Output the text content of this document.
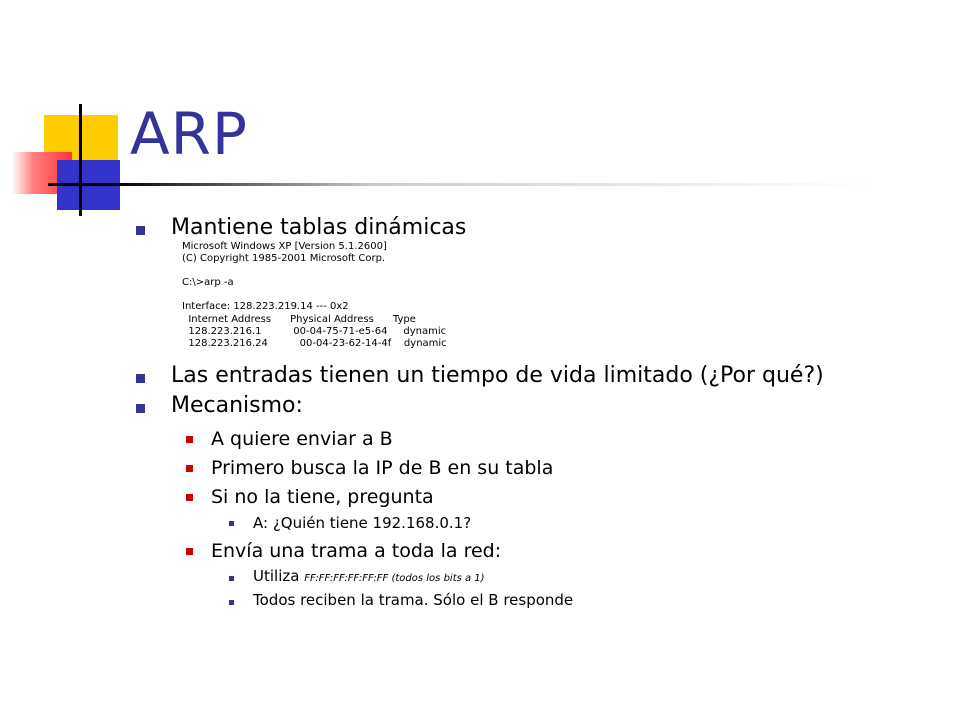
ARP
Mantiene tablas dinámicas
Microsoft Windows XP [Version 5.1.2600]
(C) Copyright 1985-2001 Microsoft Corp.

C:\>arp -a

Interface: 128.223.219.14 --- 0x2
Internet Address      Physical Address      Type
128.223.216.1          00-04-75-71-e5-64     dynamic
128.223.216.24          00-04-23-62-14-4f    dynamic
Las entradas tienen un tiempo de vida limitado (¿Por qué?)
Mecanismo:
A quiere enviar a B
Primero busca la IP de B en su tabla
Si no la tiene, pregunta
A: ¿Quién tiene 192.168.0.1?
Envía una trama a toda la red:
Utiliza FF:FF:FF:FF:FF:FF (todos los bits a 1)
Todos reciben la trama. Sólo el B responde
